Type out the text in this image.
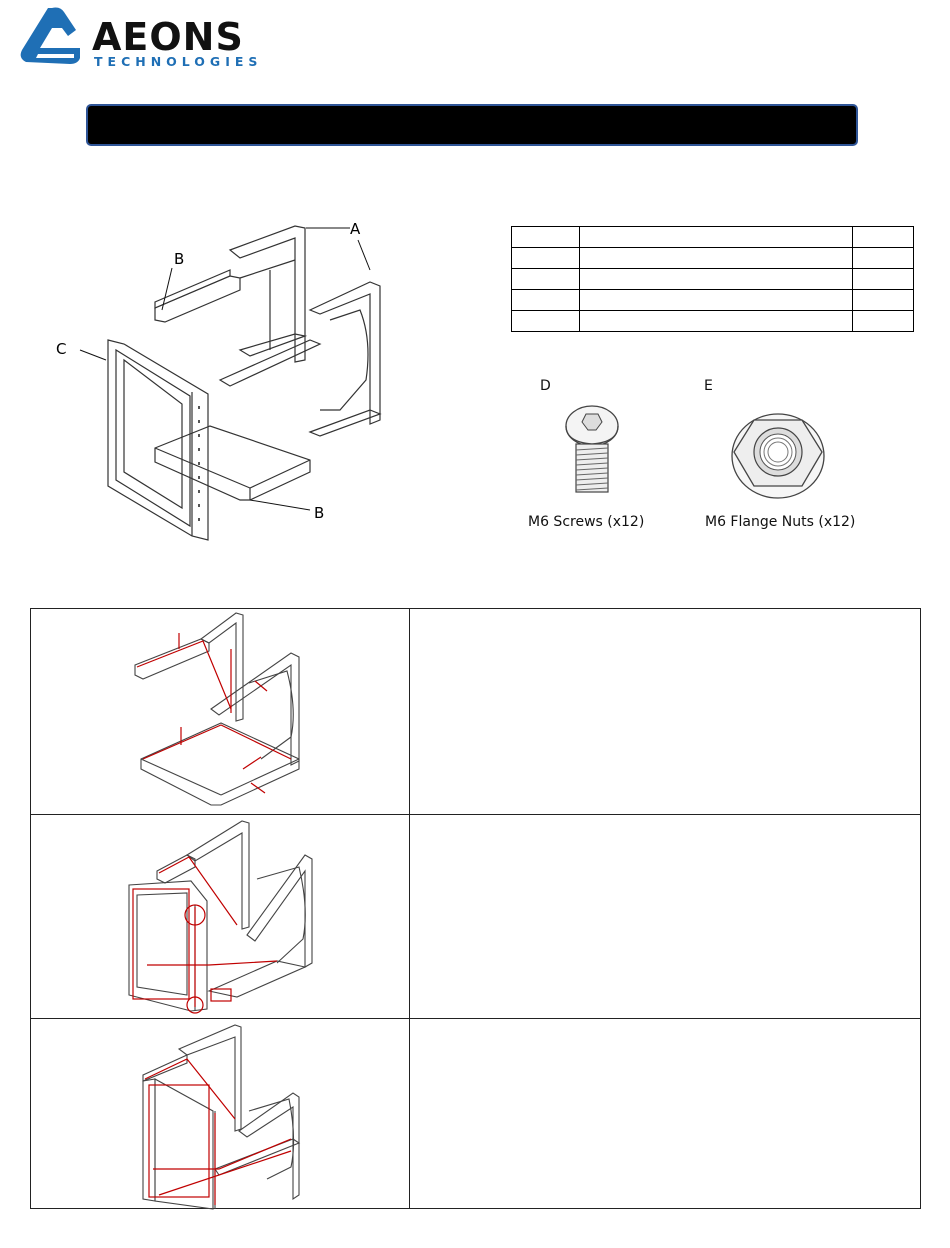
AEONS
TECHNOLOGIES
A
B
B
C

D
M6 Screws (x12)
E
M6 Flange Nuts (x12)
